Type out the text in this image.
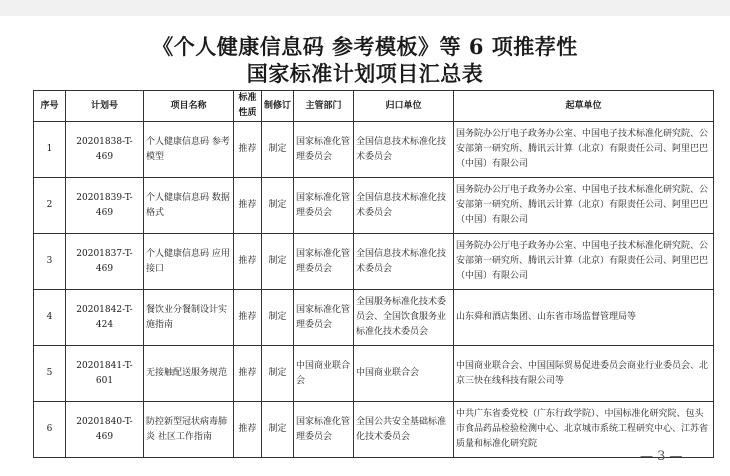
《个人健康信息码 参考模板》等 6 项推荐性
国家标准计划项目汇总表
序号	计划号	项目名称	标准性质	制修订	主管部门	归口单位	起草单位
1	20201838-T-469	个人健康信息码 参考模型	推荐	制定	国家标准化管理委员会	全国信息技术标准化技术委员会	国务院办公厅电子政务办公室、中国电子技术标准化研究院、公安部第一研究所、腾讯云计算（北京）有限责任公司、阿里巴巴（中国）有限公司
2	20201839-T-469	个人健康信息码 数据格式	推荐	制定	国家标准化管理委员会	全国信息技术标准化技术委员会	国务院办公厅电子政务办公室、中国电子技术标准化研究院、公安部第一研究所、腾讯云计算（北京）有限责任公司、阿里巴巴（中国）有限公司
3	20201837-T-469	个人健康信息码 应用接口	推荐	制定	国家标准化管理委员会	全国信息技术标准化技术委员会	国务院办公厅电子政务办公室、中国电子技术标准化研究院、公安部第一研究所、腾讯云计算（北京）有限责任公司、阿里巴巴（中国）有限公司
4	20201842-T-424	餐饮业分餐制设计实施指南	推荐	制定	国家标准化管理委员会	全国服务标准化技术委员会、全国饮食服务业标准化技术委员会	山东舜和酒店集团、山东省市场监督管理局等
5	20201841-T-601	无接触配送服务规范	推荐	制定	中国商业联合会	中国商业联合会	中国商业联合会、中国国际贸易促进委员会商业行业委员会、北京三快在线科技有限公司等
6	20201840-T-469	防控新型冠状病毒肺炎 社区工作指南	推荐	制定	国家标准化管理委员会	全国公共安全基础标准化技术委员会	中共广东省委党校（广东行政学院）、中国标准化研究院、包头市食品药品检验检测中心、北京城市系统工程研究中心、江苏省质量和标准化研究院
— 3 —
